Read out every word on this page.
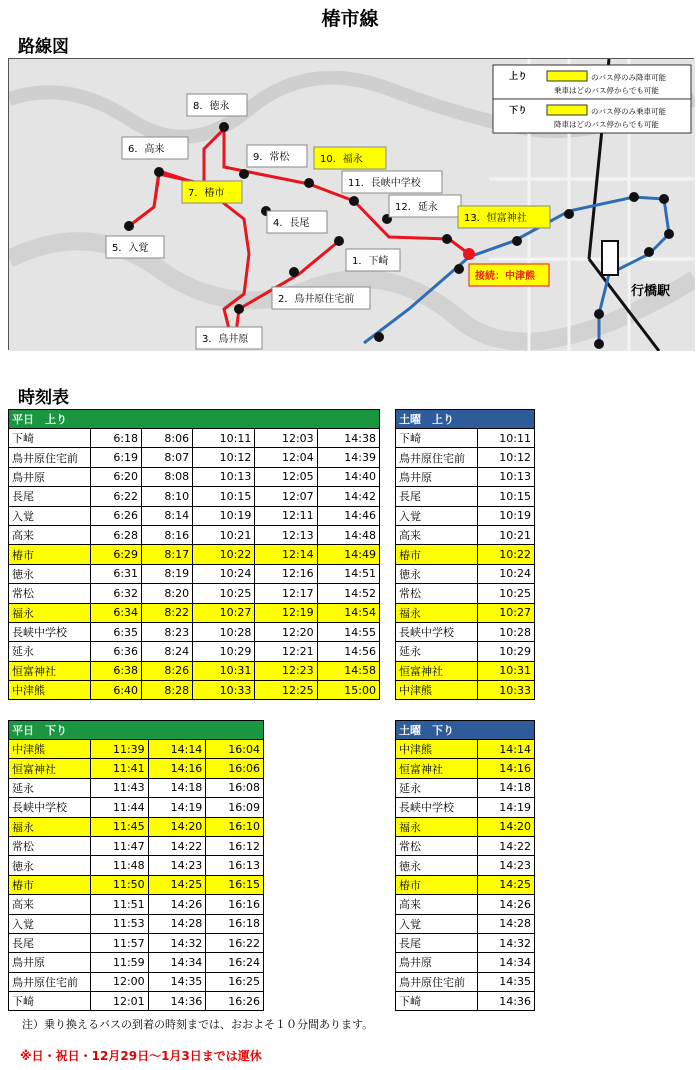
椿市線
路線図
行橋駅
1．下崎
2．鳥井原住宅前
3．鳥井原
4．長尾
5．入覚
6．高来
7．椿市
8．徳永
9．常松	10．福永
11．長峡中学校
12．延永
13．恒富神社
接続：中津熊
上り	のバス停のみ降車可能
乗車はどのバス停からでも可能
下り	のバス停のみ乗車可能
降車はどのバス停からでも可能
時刻表
平日　上り					
下崎	6:18	8:06	10:11	12:03	14:38
鳥井原住宅前	6:19	8:07	10:12	12:04	14:39
鳥井原	6:20	8:08	10:13	12:05	14:40
長尾	6:22	8:10	10:15	12:07	14:42
入覚	6:26	8:14	10:19	12:11	14:46
高来	6:28	8:16	10:21	12:13	14:48
椿市	6:29	8:17	10:22	12:14	14:49
徳永	6:31	8:19	10:24	12:16	14:51
常松	6:32	8:20	10:25	12:17	14:52
福永	6:34	8:22	10:27	12:19	14:54
長峡中学校	6:35	8:23	10:28	12:20	14:55
延永	6:36	8:24	10:29	12:21	14:56
恒富神社	6:38	8:26	10:31	12:23	14:58
中津熊	6:40	8:28	10:33	12:25	15:00
土曜　上り	
下崎	10:11
鳥井原住宅前	10:12
鳥井原	10:13
長尾	10:15
入覚	10:19
高来	10:21
椿市	10:22
徳永	10:24
常松	10:25
福永	10:27
長峡中学校	10:28
延永	10:29
恒富神社	10:31
中津熊	10:33
平日　下り			
中津熊	11:39	14:14	16:04
恒富神社	11:41	14:16	16:06
延永	11:43	14:18	16:08
長峡中学校	11:44	14:19	16:09
福永	11:45	14:20	16:10
常松	11:47	14:22	16:12
徳永	11:48	14:23	16:13
椿市	11:50	14:25	16:15
高来	11:51	14:26	16:16
入覚	11:53	14:28	16:18
長尾	11:57	14:32	16:22
鳥井原	11:59	14:34	16:24
鳥井原住宅前	12:00	14:35	16:25
下崎	12:01	14:36	16:26
土曜　下り	
中津熊	14:14
恒富神社	14:16
延永	14:18
長峡中学校	14:19
福永	14:20
常松	14:22
徳永	14:23
椿市	14:25
高来	14:26
入覚	14:28
長尾	14:32
鳥井原	14:34
鳥井原住宅前	14:35
下崎	14:36
注）乗り換えるバスの到着の時刻までは、おおよそ１０分間あります。
※日・祝日・12月29日～1月3日までは運休
